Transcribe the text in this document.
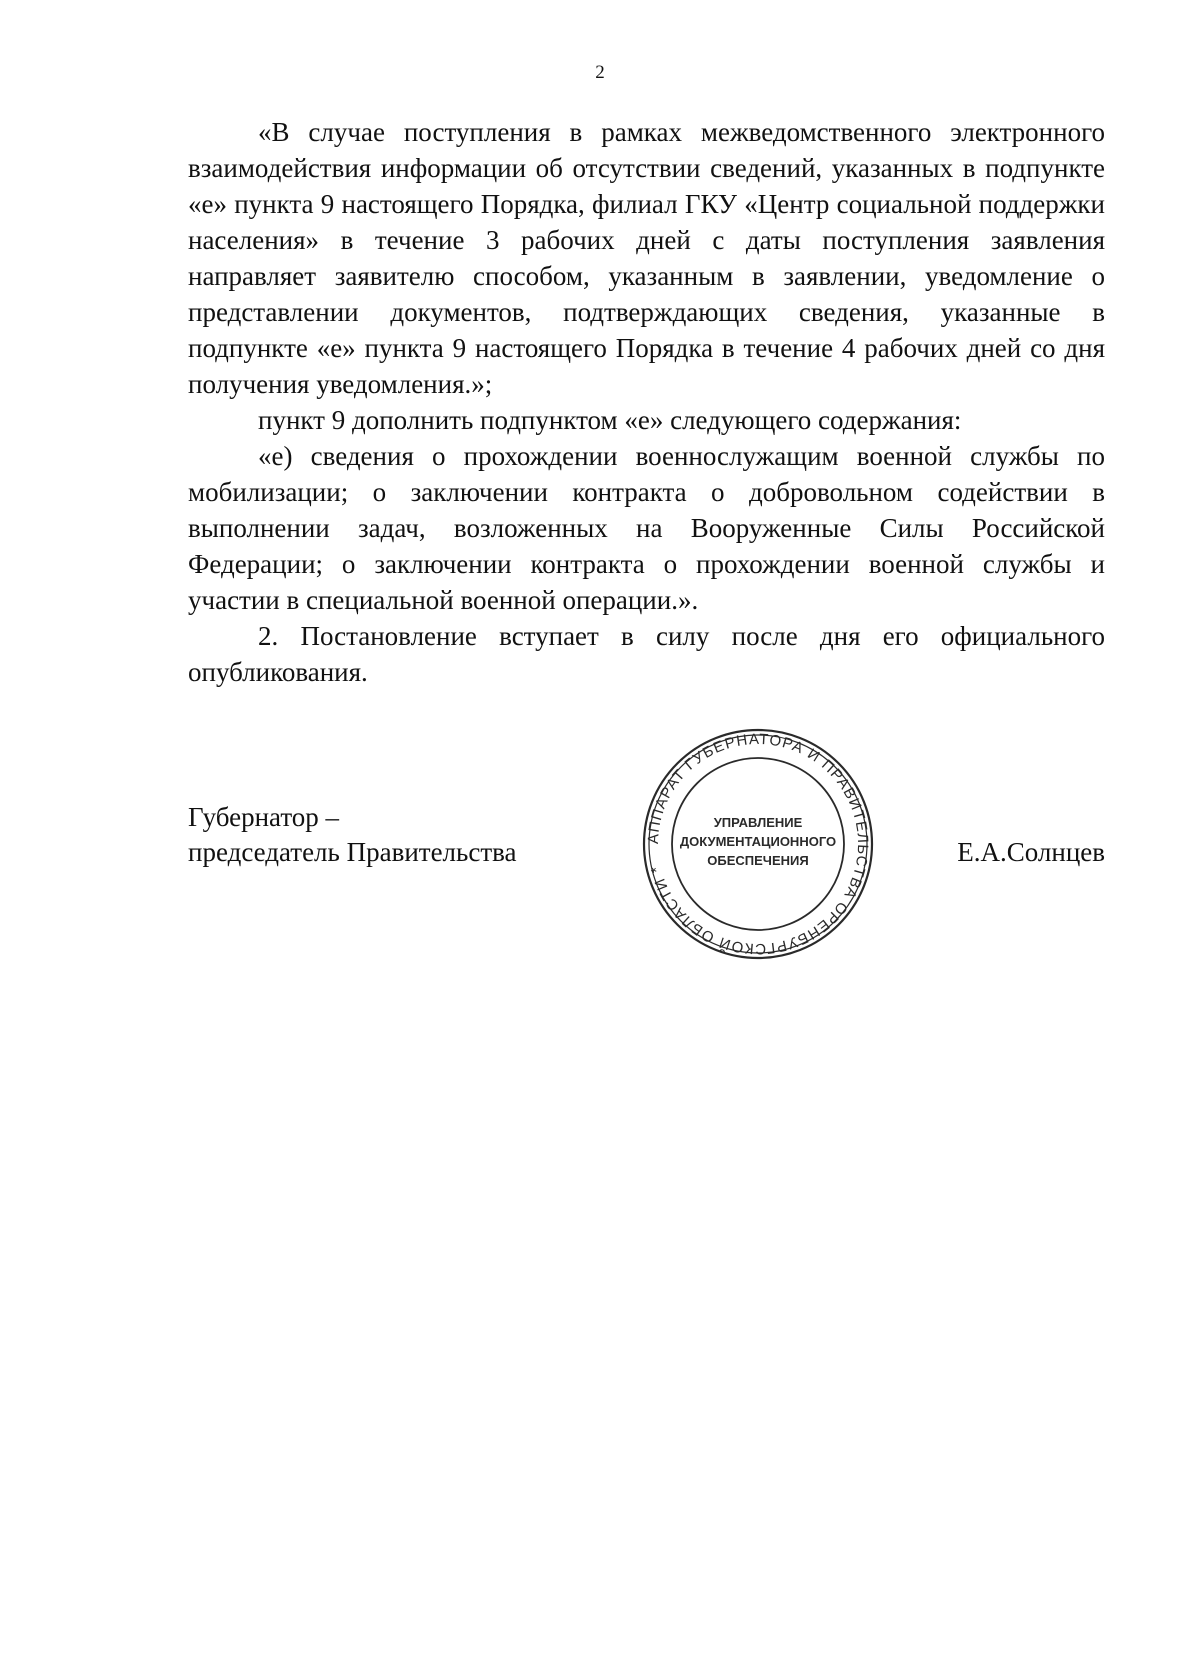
2

«В случае поступления в рамках межведомственного электронного взаимодействия информации об отсутствии сведений, указанных в подпункте «е» пункта 9 настоящего Порядка, филиал ГКУ «Центр социальной поддержки населения» в течение 3 рабочих дней с даты поступления заявления направляет заявителю способом, указанным в заявлении, уведомление о представлении документов, подтверждающих сведения, указанные в подпункте «е» пункта 9 настоящего Порядка в течение 4 рабочих дней со дня получения уведомления.»;

пункт 9 дополнить подпунктом «е» следующего содержания:

«е) сведения о прохождении военнослужащим военной службы по мобилизации; о заключении контракта о добровольном содействии в выполнении задач, возложенных на Вооруженные Силы Российской Федерации; о заключении контракта о прохождении военной службы и участии в специальной военной операции.».

2. Постановление вступает в силу после дня его официального опубликования.

Губернатор –
председатель Правительства	Е.А.Солнцев
АППАРАТ ГУБЕРНАТОРА И ПРАВИТЕЛЬСТВА ОРЕНБУРГСКОЙ ОБЛАСТИ *
УПРАВЛЕНИЕ
ДОКУМЕНТАЦИОННОГО
ОБЕСПЕЧЕНИЯ
